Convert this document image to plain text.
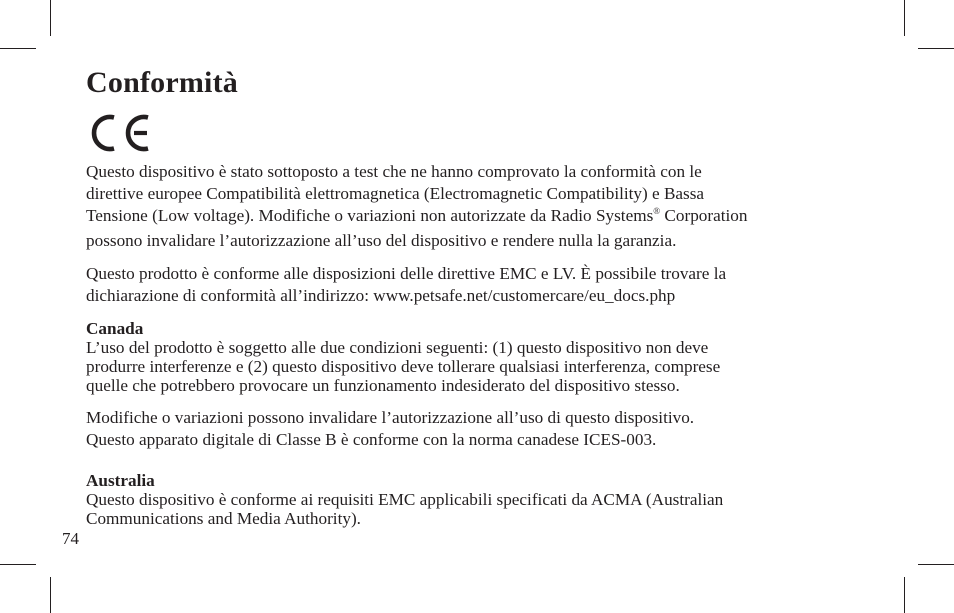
Conformità

Questo dispositivo è stato sottoposto a test che ne hanno comprovato la conformità con le
direttive europee Compatibilità elettromagnetica (Electromagnetic Compatibility) e Bassa
Tensione (Low voltage). Modifiche o variazioni non autorizzate da Radio Systems® Corporation
possono invalidare l’autorizzazione all’uso del dispositivo e rendere nulla la garanzia.

Questo prodotto è conforme alle disposizioni delle direttive EMC e LV. È possibile trovare la
dichiarazione di conformità all’indirizzo: www.petsafe.net/customercare/eu_docs.php

Canada

L’uso del prodotto è soggetto alle due condizioni seguenti: (1) questo dispositivo non deve
produrre interferenze e (2) questo dispositivo deve tollerare qualsiasi interferenza, comprese
quelle che potrebbero provocare un funzionamento indesiderato del dispositivo stesso.

Modifiche o variazioni possono invalidare l’autorizzazione all’uso di questo dispositivo.
Questo apparato digitale di Classe B è conforme con la norma canadese ICES-003.

Australia

Questo dispositivo è conforme ai requisiti EMC applicabili specificati da ACMA (Australian
Communications and Media Authority).

74
